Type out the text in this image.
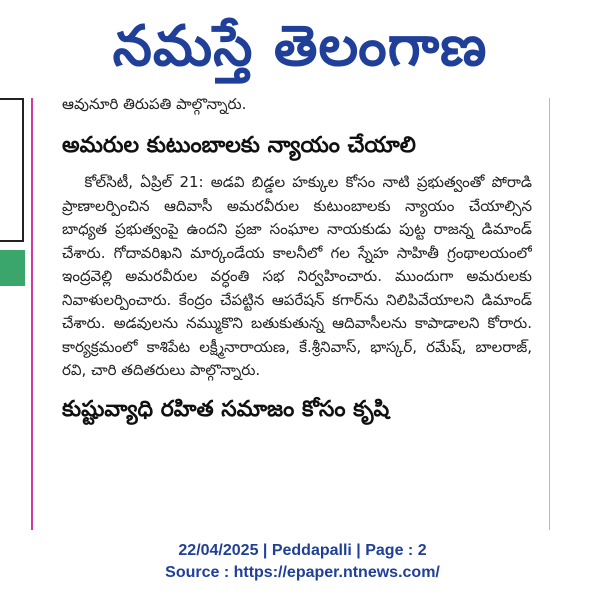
నమస్తే తెలంగాణ

ఆవునూరి తిరుపతి పాల్గొన్నారు.

అమరుల కుటుంబాలకు న్యాయం చేయాలి

కోల్‌సిటీ, ఏప్రిల్ 21: అడవి బిడ్డల హక్కుల కోసం నాటి ప్రభుత్వంతో పోరాడి ప్రాణాలర్పించిన ఆదివాసీ అమరవీరుల కుటుంబాలకు న్యాయం చేయాల్సిన బాధ్యత ప్రభుత్వంపై ఉందని ప్రజా సంఘాల నాయకుడు పుట్ట రాజన్న డిమాండ్ చేశారు. గోదావరిఖని మార్కండేయ కాలనీలో గల స్నేహ సాహితీ గ్రంథాలయంలో ఇంద్రవెల్లి అమరవీరుల వర్ధంతి సభ నిర్వహించారు. ముందుగా అమరులకు నివాళులర్పించారు. కేంద్రం చేపట్టిన ఆపరేషన్ కగార్‌ను నిలిపివేయాలని డిమాండ్ చేశారు. అడవులను నమ్ముకొని బతుకుతున్న ఆదివాసీలను కాపాడాలని కోరారు. కార్యక్రమంలో కాశిపేట లక్ష్మీనారాయణ, కే.శ్రీనివాస్, భాస్కర్, రమేష్, బాలరాజ్, రవి, చారి తదితరులు పాల్గొన్నారు.

కుష్టువ్యాధి రహిత సమాజం కోసం కృషి

22/04/2025 | Peddapalli | Page : 2

Source : https://epaper.ntnews.com/
